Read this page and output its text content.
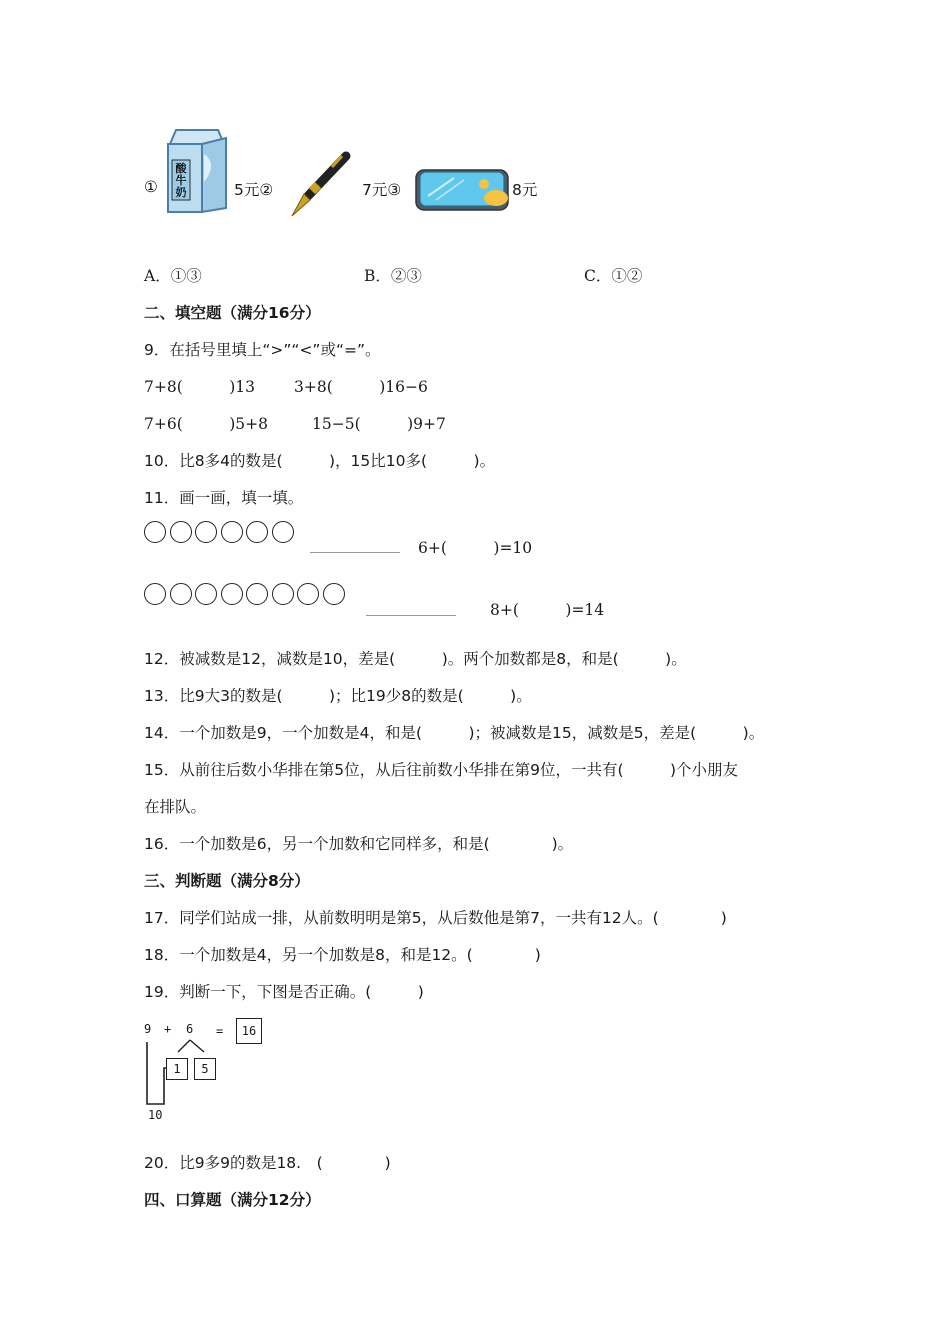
①
酸
牛
奶	5元②	7元③	8元
A．①③	B．②③	C．①②
二、填空题（满分16分）
9．在括号里填上“>”“<”或“=”。
7+8(　　　)13	3+8(　　　)16−6
7+6(　　　)5+8	15−5(　　　)9+7
10．比8多4的数是(　　　)，15比10多(　　　)。
11．画一画，填一填。
6+(　　　)=10
8+(　　　)=14
12．被减数是12，减数是10，差是(　　　)。两个加数都是8，和是(　　　)。
13．比9大3的数是(　　　)；比19少8的数是(　　　)。
14．一个加数是9，一个加数是4，和是(　　　)；被减数是15，减数是5，差是(　　　)。
15．从前往后数小华排在第5位，从后往前数小华排在第9位，一共有(　　　)个小朋友
在排队。
16．一个加数是6，另一个加数和它同样多，和是(　　　　)。
三、判断题（满分8分）
17．同学们站成一排，从前数明明是第5，从后数他是第7，一共有12人。(　　　　)
18．一个加数是4，另一个加数是8，和是12。(　　　　)
19．判断一下，下图是否正确。(　　　)
9 + 6 =	16
1	5
10
20．比9多9的数是18.　(　　　　)
四、口算题（满分12分）
